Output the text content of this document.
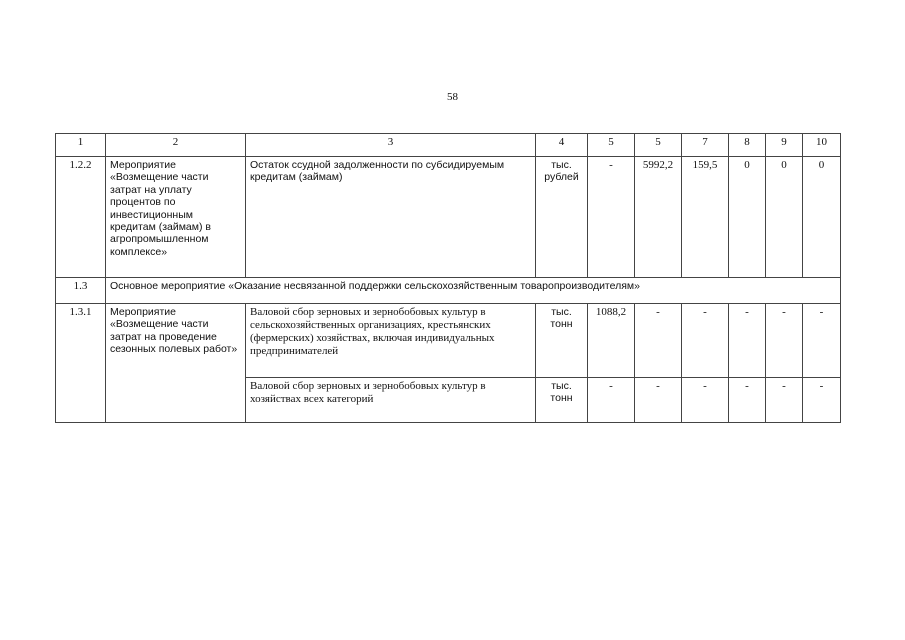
58
1	2	3	4	5	5	7	8	9	10
1.2.2	Мероприятие «Возмещение части затрат на уплату процентов по инвестиционным кредитам (займам) в агропромышленном комплексе»	Остаток ссудной задолженности по субсидируемым кредитам (займам)	тыс. рублей	-	5992,2	159,5	0	0	0
1.3	Основное мероприятие «Оказание несвязанной поддержки сельскохозяйственным товаропроизводителям»								
1.3.1	Мероприятие «Возмещение части затрат на проведение сезонных полевых работ»	Валовой сбор зерновых и зернобобовых культур в сельскохозяйственных организациях, крестьянских (фермерских) хозяйствах, включая индивидуальных предпринимателей	тыс. тонн	1088,2	-	-	-	-	-
		Валовой сбор зерновых и зернобобовых культур в хозяйствах всех категорий	тыс. тонн	-	-	-	-	-	-
